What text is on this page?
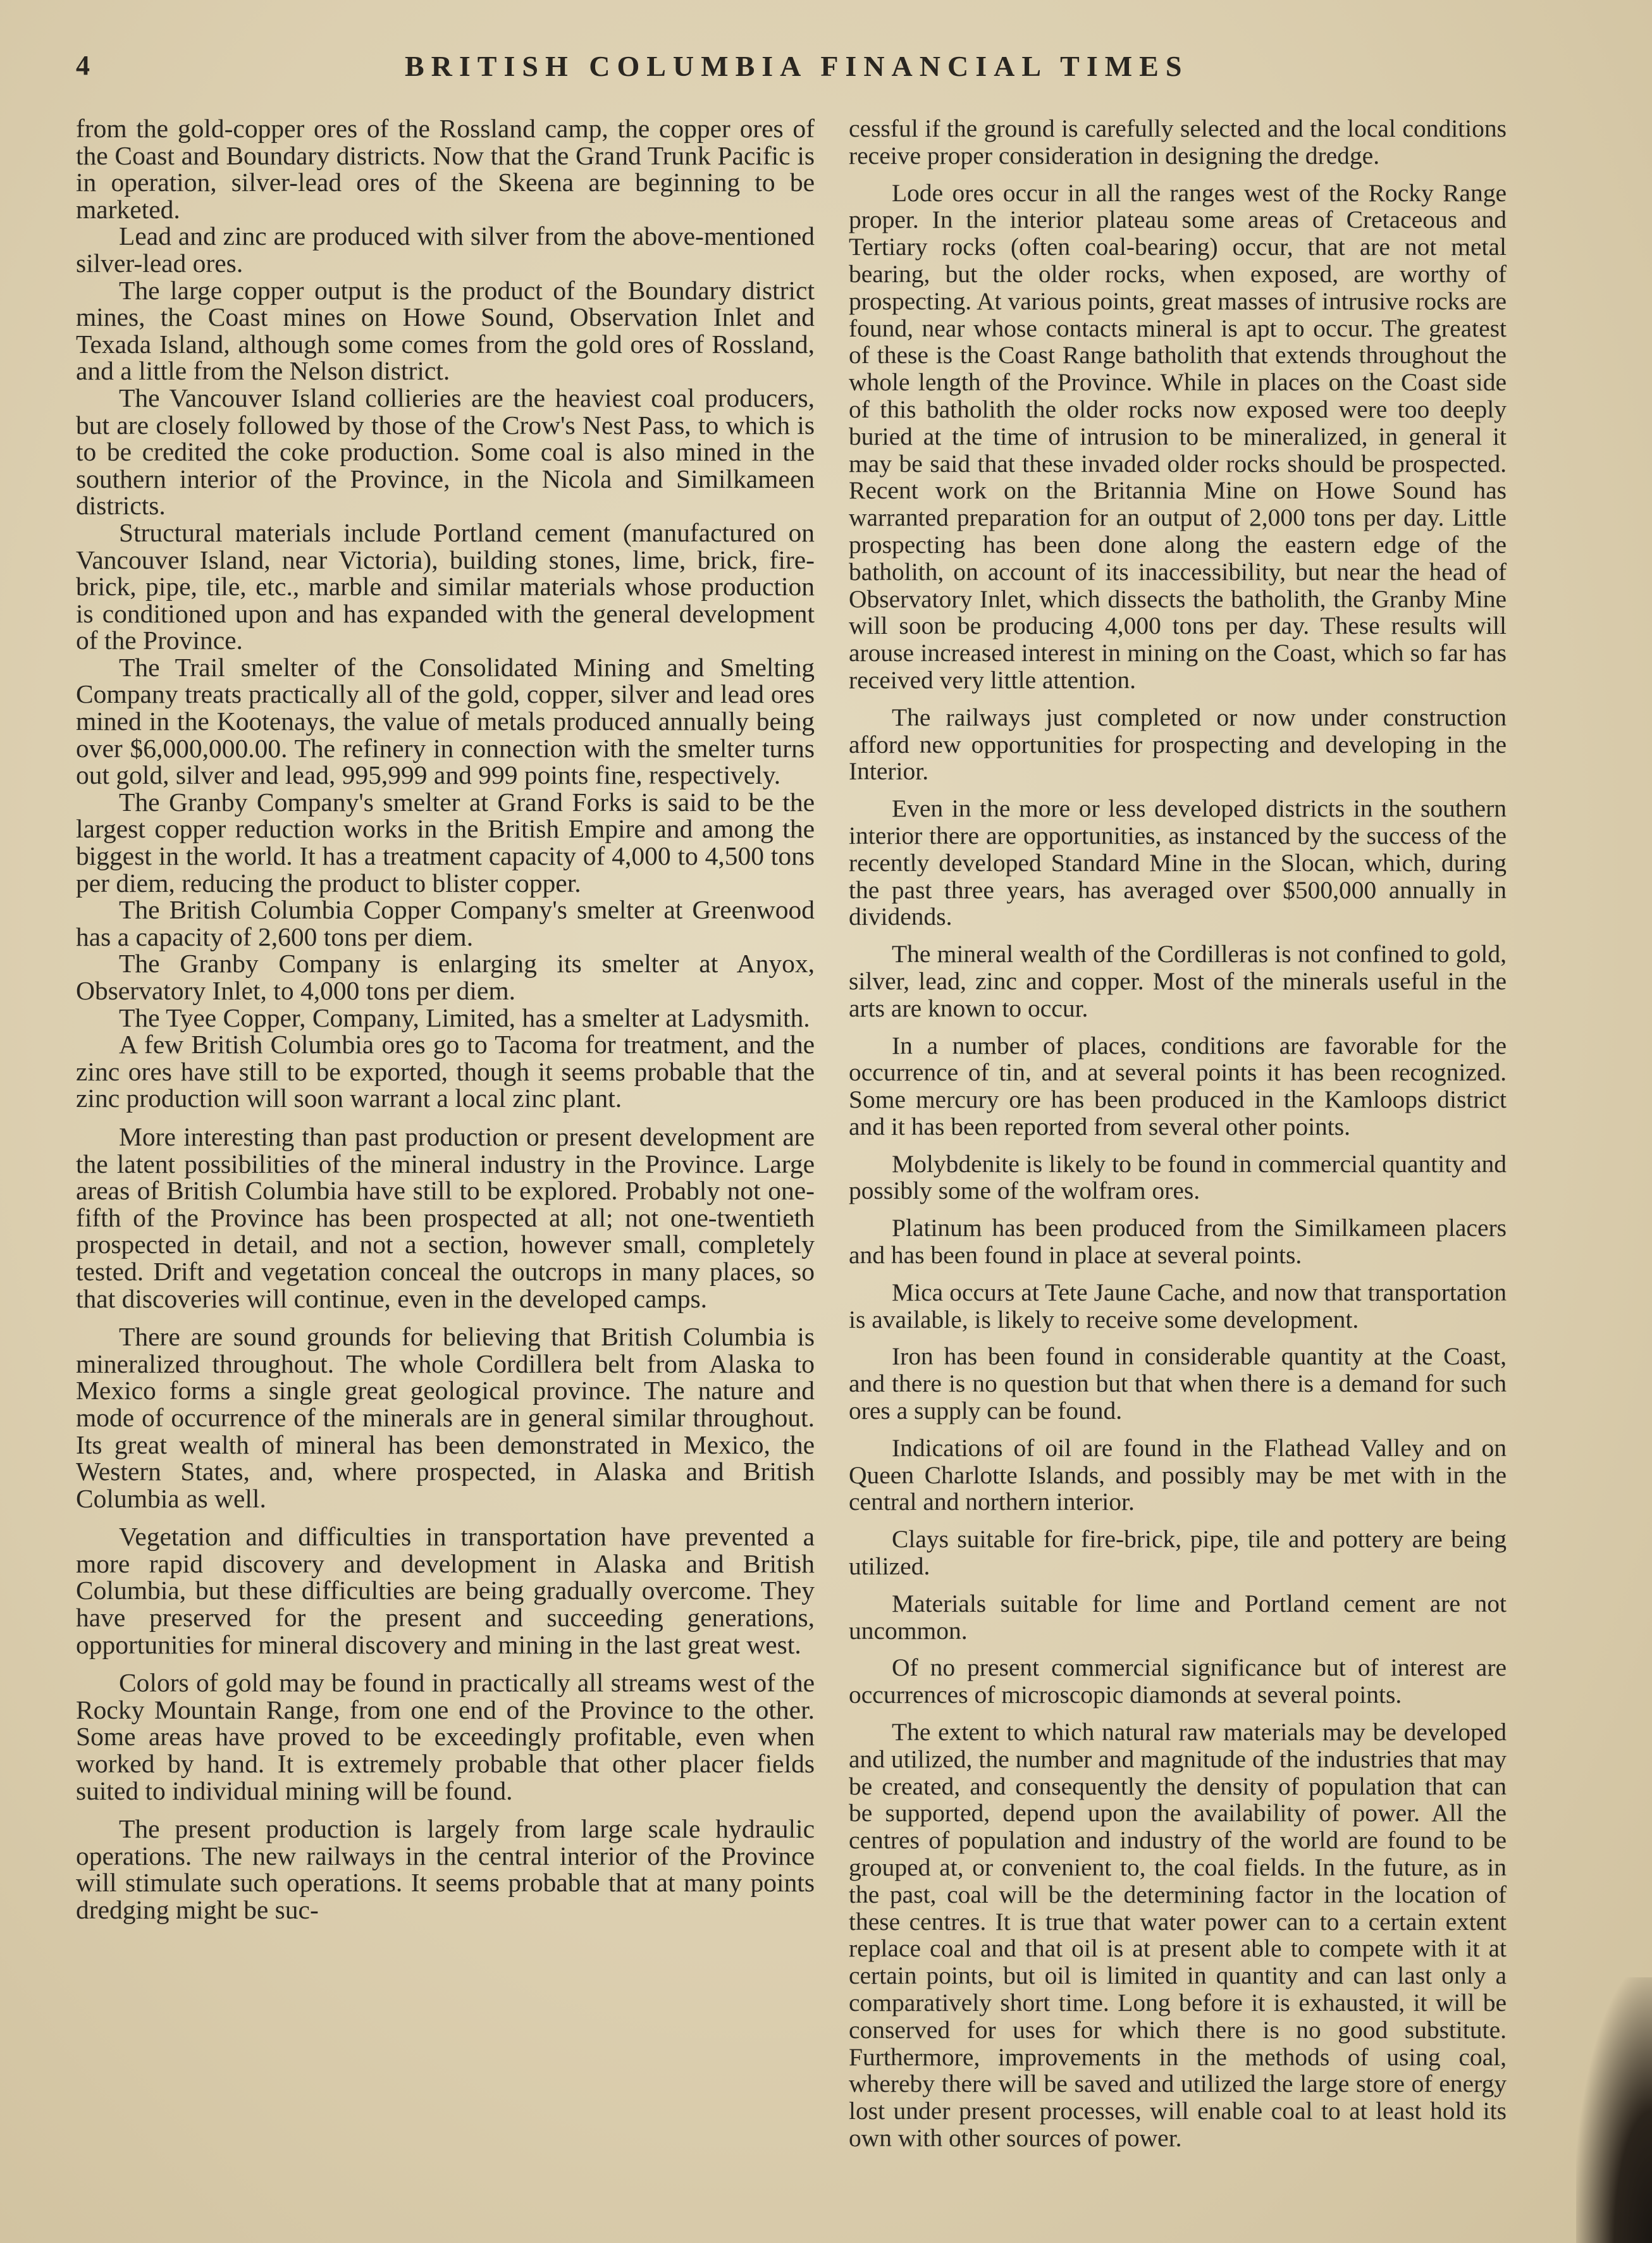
4	BRITISH COLUMBIA FINANCIAL TIMES

from the gold-copper ores of the Rossland camp, the copper ores of the Coast and Boundary districts. Now that the Grand Trunk Pacific is in operation, silver-lead ores of the Skeena are beginning to be marketed.

Lead and zinc are produced with silver from the above-mentioned silver-lead ores.

The large copper output is the product of the Boundary district mines, the Coast mines on Howe Sound, Observation Inlet and Texada Island, although some comes from the gold ores of Rossland, and a little from the Nelson district.

The Vancouver Island collieries are the heaviest coal producers, but are closely followed by those of the Crow's Nest Pass, to which is to be credited the coke production. Some coal is also mined in the southern interior of the Province, in the Nicola and Similkameen districts.

Structural materials include Portland cement (manufactured on Vancouver Island, near Victoria), building stones, lime, brick, fire-brick, pipe, tile, etc., marble and similar materials whose production is conditioned upon and has expanded with the general development of the Province.

The Trail smelter of the Consolidated Mining and Smelting Company treats practically all of the gold, copper, silver and lead ores mined in the Kootenays, the value of metals produced annually being over $6,000,000.00. The refinery in connection with the smelter turns out gold, silver and lead, 995,999 and 999 points fine, respectively.

The Granby Company's smelter at Grand Forks is said to be the largest copper reduction works in the British Empire and among the biggest in the world. It has a treatment capacity of 4,000 to 4,500 tons per diem, reducing the product to blister copper.

The British Columbia Copper Company's smelter at Greenwood has a capacity of 2,600 tons per diem.

The Granby Company is enlarging its smelter at Anyox, Observatory Inlet, to 4,000 tons per diem.

The Tyee Copper, Company, Limited, has a smelter at Ladysmith.

A few British Columbia ores go to Tacoma for treatment, and the zinc ores have still to be exported, though it seems probable that the zinc production will soon warrant a local zinc plant.

More interesting than past production or present development are the latent possibilities of the mineral industry in the Province. Large areas of British Columbia have still to be explored. Probably not one-fifth of the Province has been prospected at all; not one-twentieth prospected in detail, and not a section, however small, completely tested. Drift and vegetation conceal the outcrops in many places, so that discoveries will continue, even in the developed camps.

There are sound grounds for believing that British Columbia is mineralized throughout. The whole Cordillera belt from Alaska to Mexico forms a single great geological province. The nature and mode of occurrence of the minerals are in general similar throughout. Its great wealth of mineral has been demonstrated in Mexico, the Western States, and, where prospected, in Alaska and British Columbia as well.

Vegetation and difficulties in transportation have prevented a more rapid discovery and development in Alaska and British Columbia, but these difficulties are being gradually overcome. They have preserved for the present and succeeding generations, opportunities for mineral discovery and mining in the last great west.

Colors of gold may be found in practically all streams west of the Rocky Mountain Range, from one end of the Province to the other. Some areas have proved to be exceedingly profitable, even when worked by hand. It is extremely probable that other placer fields suited to individual mining will be found.

The present production is largely from large scale hydraulic operations. The new railways in the central interior of the Province will stimulate such operations. It seems probable that at many points dredging might be suc-

cessful if the ground is carefully selected and the local conditions receive proper consideration in designing the dredge.

Lode ores occur in all the ranges west of the Rocky Range proper. In the interior plateau some areas of Cretaceous and Tertiary rocks (often coal-bearing) occur, that are not metal bearing, but the older rocks, when exposed, are worthy of prospecting. At various points, great masses of intrusive rocks are found, near whose contacts mineral is apt to occur. The greatest of these is the Coast Range batholith that extends throughout the whole length of the Province. While in places on the Coast side of this batholith the older rocks now exposed were too deeply buried at the time of intrusion to be mineralized, in general it may be said that these invaded older rocks should be prospected. Recent work on the Britannia Mine on Howe Sound has warranted preparation for an output of 2,000 tons per day. Little prospecting has been done along the eastern edge of the batholith, on account of its inaccessibility, but near the head of Observatory Inlet, which dissects the batholith, the Granby Mine will soon be producing 4,000 tons per day. These results will arouse increased interest in mining on the Coast, which so far has received very little attention.

The railways just completed or now under construction afford new opportunities for prospecting and developing in the Interior.

Even in the more or less developed districts in the southern interior there are opportunities, as instanced by the success of the recently developed Standard Mine in the Slocan, which, during the past three years, has averaged over $500,000 annually in dividends.

The mineral wealth of the Cordilleras is not confined to gold, silver, lead, zinc and copper. Most of the minerals useful in the arts are known to occur.

In a number of places, conditions are favorable for the occurrence of tin, and at several points it has been recognized. Some mercury ore has been produced in the Kamloops district and it has been reported from several other points.

Molybdenite is likely to be found in commercial quantity and possibly some of the wolfram ores.

Platinum has been produced from the Similkameen placers and has been found in place at several points.

Mica occurs at Tete Jaune Cache, and now that transportation is available, is likely to receive some development.

Iron has been found in considerable quantity at the Coast, and there is no question but that when there is a demand for such ores a supply can be found.

Indications of oil are found in the Flathead Valley and on Queen Charlotte Islands, and possibly may be met with in the central and northern interior.

Clays suitable for fire-brick, pipe, tile and pottery are being utilized.

Materials suitable for lime and Portland cement are not uncommon.

Of no present commercial significance but of interest are occurrences of microscopic diamonds at several points.

The extent to which natural raw materials may be developed and utilized, the number and magnitude of the industries that may be created, and consequently the density of population that can be supported, depend upon the availability of power. All the centres of population and industry of the world are found to be grouped at, or convenient to, the coal fields. In the future, as in the past, coal will be the determining factor in the location of these centres. It is true that water power can to a certain extent replace coal and that oil is at present able to compete with it at certain points, but oil is limited in quantity and can last only a comparatively short time. Long before it is exhausted, it will be conserved for uses for which there is no good substitute. Furthermore, improvements in the methods of using coal, whereby there will be saved and utilized the large store of energy lost under present processes, will enable coal to at least hold its own with other sources of power.
